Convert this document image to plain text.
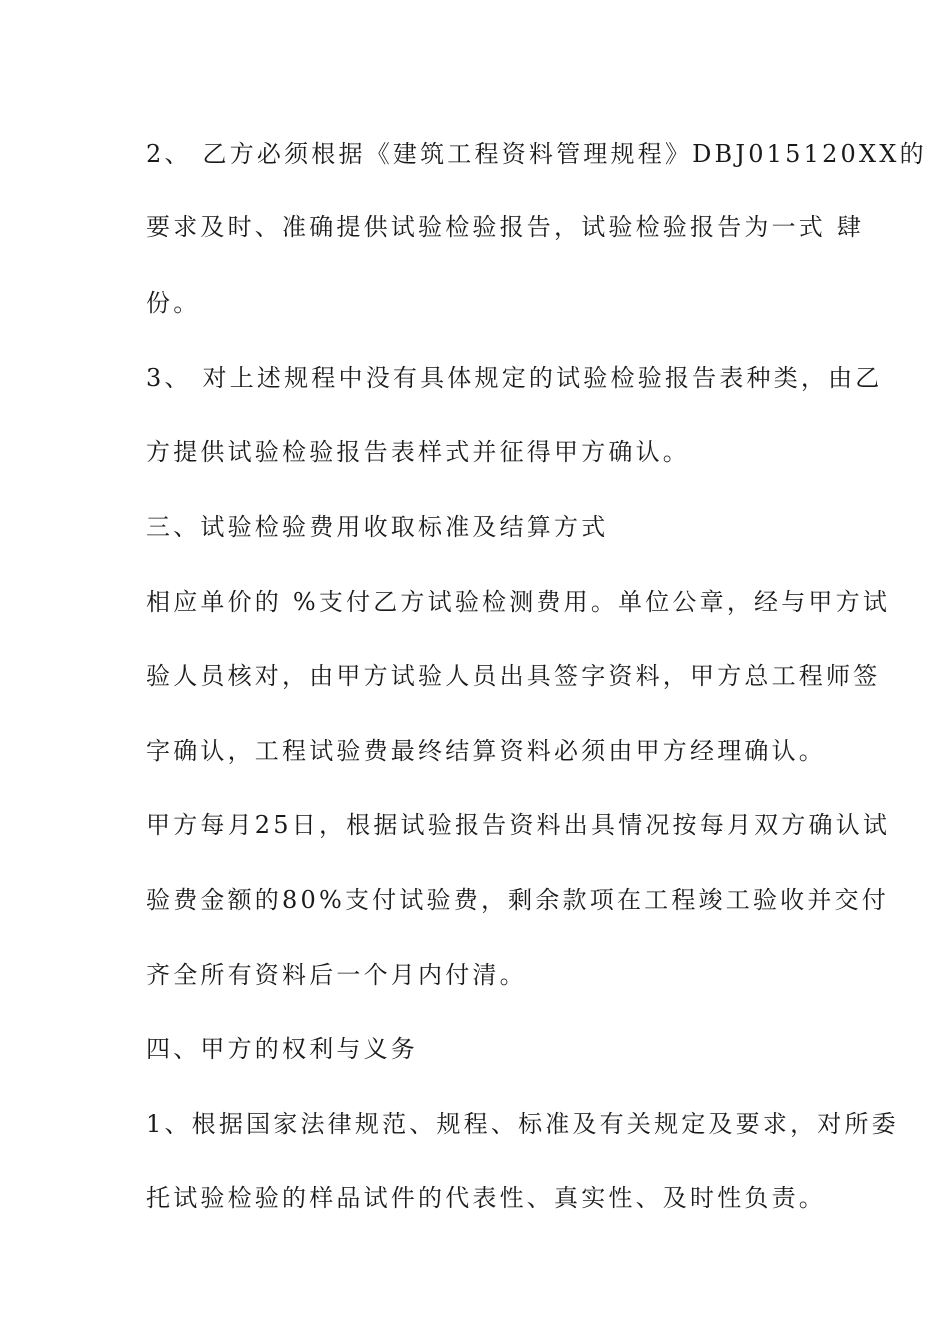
2、 乙方必须根据《建筑工程资料管理规程》DBJ015120XX的
要求及时、准确提供试验检验报告，试验检验报告为一式 肆
份。
3、 对上述规程中没有具体规定的试验检验报告表种类，由乙
方提供试验检验报告表样式并征得甲方确认。
三、试验检验费用收取标准及结算方式
相应单价的 %支付乙方试验检测费用。单位公章，经与甲方试
验人员核对，由甲方试验人员出具签字资料，甲方总工程师签
字确认，工程试验费最终结算资料必须由甲方经理确认。
甲方每月25日，根据试验报告资料出具情况按每月双方确认试
验费金额的80%支付试验费，剩余款项在工程竣工验收并交付
齐全所有资料后一个月内付清。
四、甲方的权利与义务
1、根据国家法律规范、规程、标准及有关规定及要求，对所委
托试验检验的样品试件的代表性、真实性、及时性负责。
